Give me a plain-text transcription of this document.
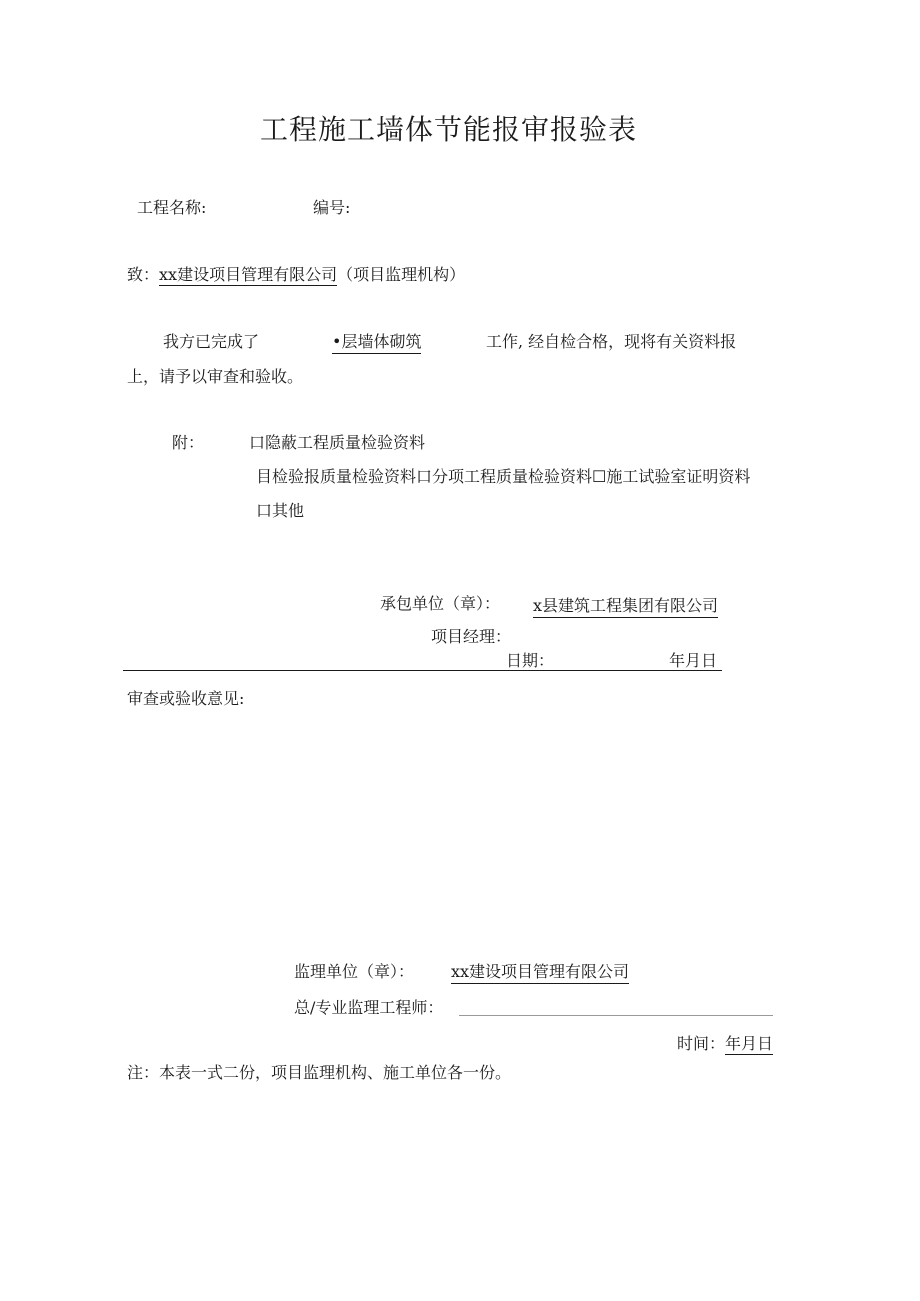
工程施工墙体节能报审报验表
工程名称:	编号:
致：xx建设项目管理有限公司（项目监理机构）
我方已完成了	•层墙体砌筑	工作, 经自检合格，现将有关资料报
上，请予以审查和验收。
附：	口隐蔽工程质量检验资料
目检验报质量检验资料口分项工程质量检验资料☐施工试验室证明资料
口其他
承包单位（章）： x县建筑工程集团有限公司
项目经理：
日期：	年月日
审查或验收意见:
监理单位（章）： xx建设项目管理有限公司
总/专业监理工程师：
时间：年月日
注：本表一式二份，项目监理机构、施工单位各一份。
